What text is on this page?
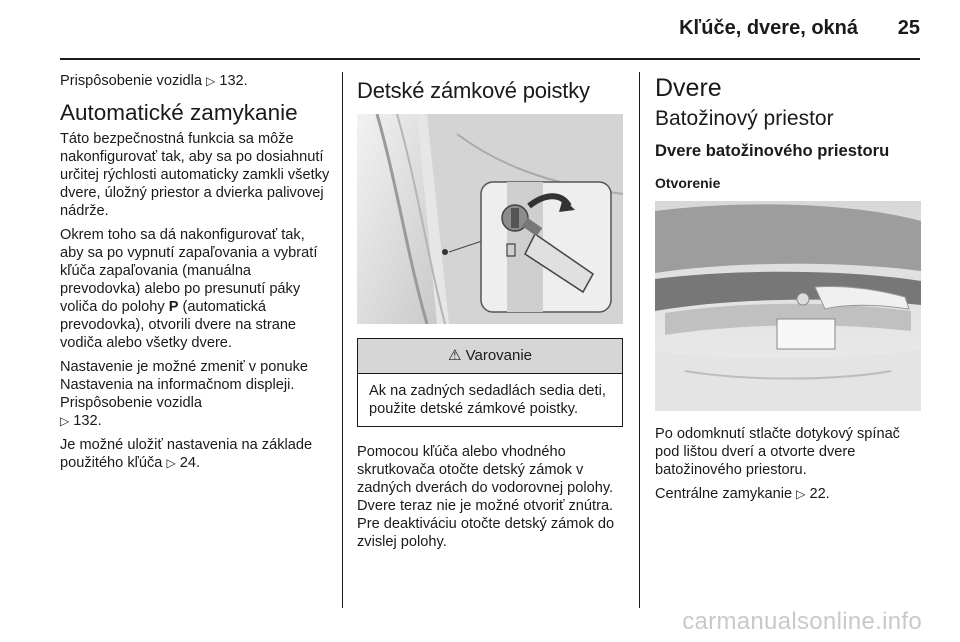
Kľúče, dvere, okná 25

Prispôsobenie vozidla ▷ 132.

Automatické zamykanie

Táto bezpečnostná funkcia sa môže nakonfigurovať tak, aby sa po dosiahnutí určitej rýchlosti automaticky zamkli všetky dvere, úložný priestor a dvierka palivovej nádrže.

Okrem toho sa dá nakonfigurovať tak, aby sa po vypnutí zapaľovania a vybratí kľúča zapaľovania (manuálna prevodovka) alebo po presunutí páky voliča do polohy P (automatická prevodovka), otvorili dvere na strane vodiča alebo všetky dvere.

Nastavenie je možné zmeniť v ponuke Nastavenia na informačnom displeji. Prispôsobenie vozidla
▷ 132.

Je možné uložiť nastavenia na základe použitého kľúča ▷ 24.

Detské zámkové poistky
⚠ Varovanie
Ak na zadných sedadlách sedia deti, použite detské zámkové poistky.

Pomocou kľúča alebo vhodného skrutkovača otočte detský zámok v zadných dverách do vodorovnej polohy. Dvere teraz nie je možné otvoriť znútra. Pre deaktiváciu otočte detský zámok do zvislej polohy.

Dvere
Batožinový priestor
Dvere batožinového priestoru
Otvorenie

Po odomknutí stlačte dotykový spínač pod lištou dverí a otvorte dvere batožinového priestoru.

Centrálne zamykanie ▷ 22.

carmanualsonline.info
